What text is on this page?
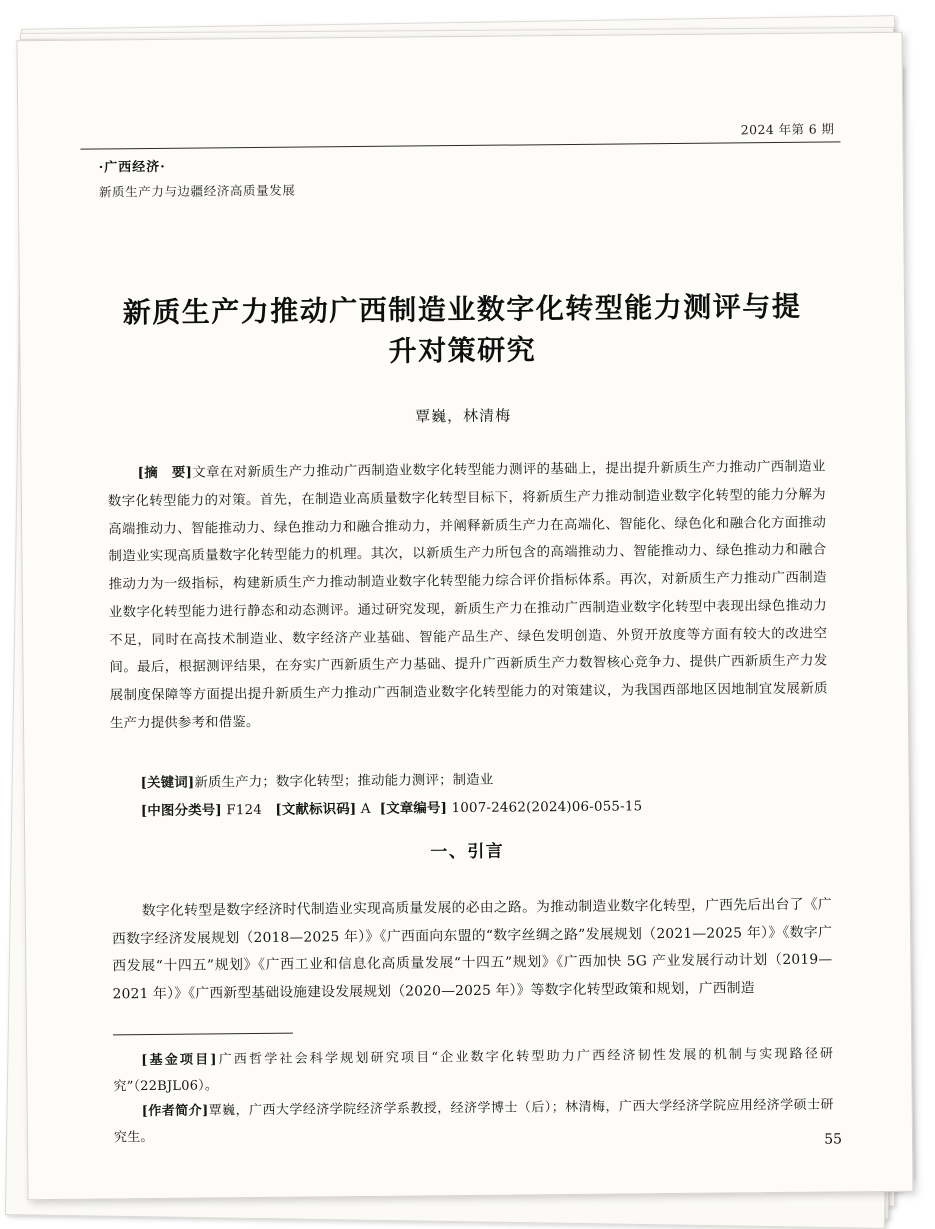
2024 年第 6 期
·广西经济·
新质生产力与边疆经济高质量发展
新质生产力推动广西制造业数字化转型能力测评与提升对策研究
覃巍，林清梅
[摘　要]文章在对新质生产力推动广西制造业数字化转型能力测评的基础上，提出提升新质生产力推动广西制造业数字化转型能力的对策。首先，在制造业高质量数字化转型目标下，将新质生产力推动制造业数字化转型的能力分解为高端推动力、智能推动力、绿色推动力和融合推动力，并阐释新质生产力在高端化、智能化、绿色化和融合化方面推动制造业实现高质量数字化转型能力的机理。其次，以新质生产力所包含的高端推动力、智能推动力、绿色推动力和融合推动力为一级指标，构建新质生产力推动制造业数字化转型能力综合评价指标体系。再次，对新质生产力推动广西制造业数字化转型能力进行静态和动态测评。通过研究发现，新质生产力在推动广西制造业数字化转型中表现出绿色推动力不足，同时在高技术制造业、数字经济产业基础、智能产品生产、绿色发明创造、外贸开放度等方面有较大的改进空间。最后，根据测评结果，在夯实广西新质生产力基础、提升广西新质生产力数智核心竞争力、提供广西新质生产力发展制度保障等方面提出提升新质生产力推动广西制造业数字化转型能力的对策建议，为我国西部地区因地制宜发展新质生产力提供参考和借鉴。
[关键词]新质生产力；数字化转型；推动能力测评；制造业
[中图分类号] F124 [文献标识码] A [文章编号] 1007-2462(2024)06-055-15
一、引言
数字化转型是数字经济时代制造业实现高质量发展的必由之路。为推动制造业数字化转型，广西先后出台了《广西数字经济发展规划（2018—2025 年）》《广西面向东盟的“数字丝绸之路”发展规划（2021—2025 年）》《数字广西发展“十四五”规划》《广西工业和信息化高质量发展“十四五”规划》《广西加快 5G 产业发展行动计划（2019—2021 年）》《广西新型基础设施建设发展规划（2020—2025 年）》等数字化转型政策和规划，广西制造
[基金项目]广西哲学社会科学规划研究项目“企业数字化转型助力广西经济韧性发展的机制与实现路径研究”（22BJL06）。
[作者简介]覃巍，广西大学经济学院经济学系教授，经济学博士（后）；林清梅，广西大学经济学院应用经济学硕士研究生。	55
